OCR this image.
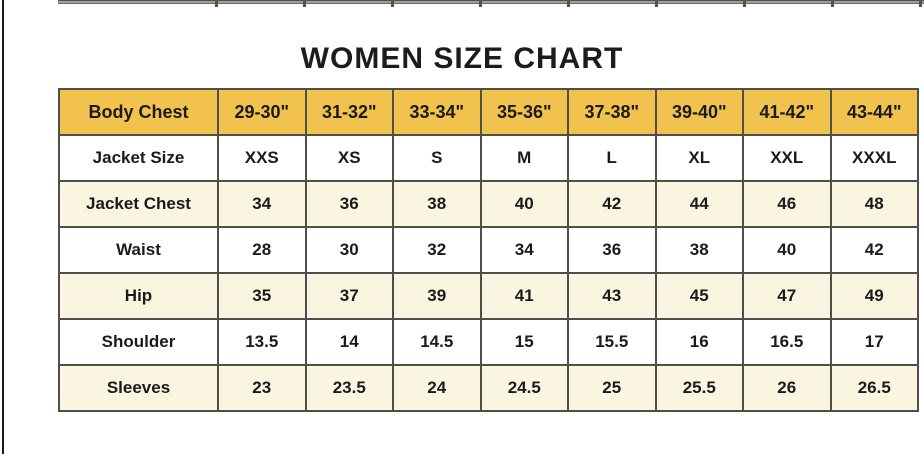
WOMEN SIZE CHART
Body Chest	29-30"	31-32"	33-34"	35-36"	37-38"	39-40"	41-42"	43-44"
Jacket Size	XXS	XS	S	M	L	XL	XXL	XXXL
Jacket Chest	34	36	38	40	42	44	46	48
Waist	28	30	32	34	36	38	40	42
Hip	35	37	39	41	43	45	47	49
Shoulder	13.5	14	14.5	15	15.5	16	16.5	17
Sleeves	23	23.5	24	24.5	25	25.5	26	26.5
